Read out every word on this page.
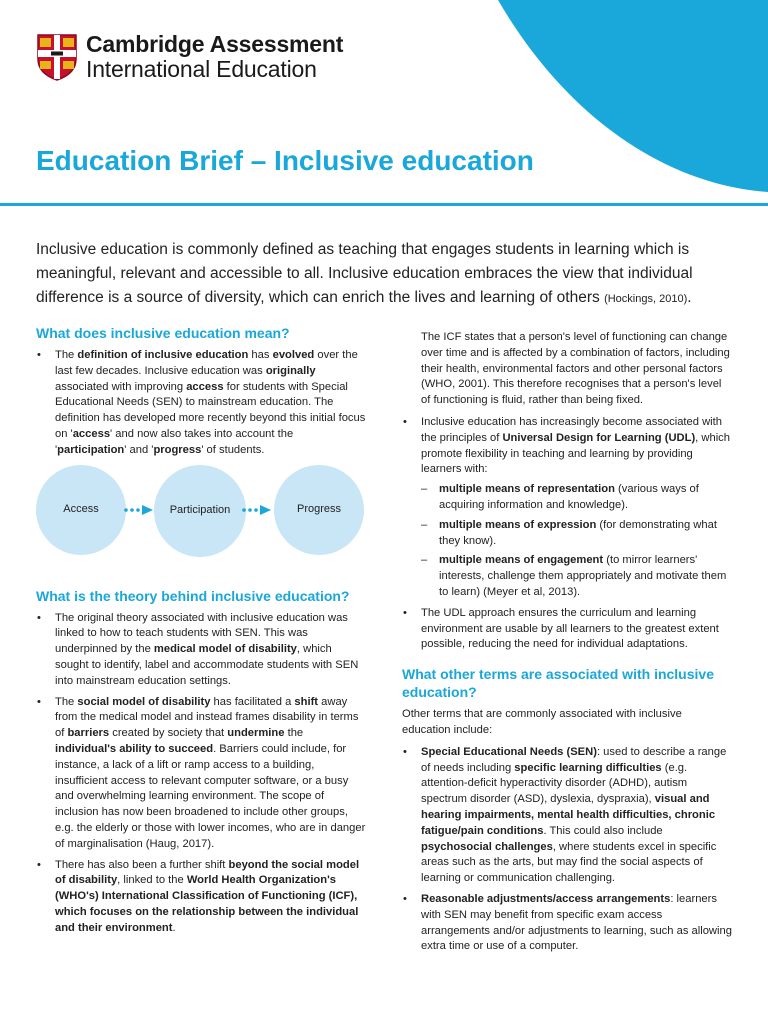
Cambridge Assessment
International Education
Education Brief – Inclusive education
Inclusive education is commonly defined as teaching that engages students in learning which is meaningful, relevant and accessible to all. Inclusive education embraces the view that individual difference is a source of diversity, which can enrich the lives and learning of others (Hockings, 2010).
What does inclusive education mean?
• The definition of inclusive education has evolved over the last few decades. Inclusive education was originally associated with improving access for students with Special Educational Needs (SEN) to mainstream education. The definition has developed more recently beyond this initial focus on 'access' and now also takes into account the 'participation' and 'progress' of students.
Access	Participation	Progress
What is the theory behind inclusive education?
• The original theory associated with inclusive education was linked to how to teach students with SEN. This was underpinned by the medical model of disability, which sought to identify, label and accommodate students with SEN into mainstream education settings.
• The social model of disability has facilitated a shift away from the medical model and instead frames disability in terms of barriers created by society that undermine the individual's ability to succeed. Barriers could include, for instance, a lack of a lift or ramp access to a building, insufficient access to relevant computer software, or a busy and overwhelming learning environment. The scope of inclusion has now been broadened to include other groups, e.g. the elderly or those with lower incomes, who are in danger of marginalisation (Haug, 2017).
• There has also been a further shift beyond the social model of disability, linked to the World Health Organization's (WHO's) International Classification of Functioning (ICF), which focuses on the relationship between the individual and their environment.
The ICF states that a person's level of functioning can change over time and is affected by a combination of factors, including their health, environmental factors and other personal factors (WHO, 2001). This therefore recognises that a person's level of functioning is fluid, rather than being fixed.
• Inclusive education has increasingly become associated with the principles of Universal Design for Learning (UDL), which promote flexibility in teaching and learning by providing learners with:
– multiple means of representation (various ways of acquiring information and knowledge).
– multiple means of expression (for demonstrating what they know).
– multiple means of engagement (to mirror learners' interests, challenge them appropriately and motivate them to learn) (Meyer et al, 2013).
• The UDL approach ensures the curriculum and learning environment are usable by all learners to the greatest extent possible, reducing the need for individual adaptations.
What other terms are associated with inclusive education?
Other terms that are commonly associated with inclusive education include:
• Special Educational Needs (SEN): used to describe a range of needs including specific learning difficulties (e.g. attention-deficit hyperactivity disorder (ADHD), autism spectrum disorder (ASD), dyslexia, dyspraxia), visual and hearing impairments, mental health difficulties, chronic fatigue/pain conditions. This could also include psychosocial challenges, where students excel in specific areas such as the arts, but may find the social aspects of learning or communication challenging.
• Reasonable adjustments/access arrangements: learners with SEN may benefit from specific exam access arrangements and/or adjustments to learning, such as allowing extra time or use of a computer.
